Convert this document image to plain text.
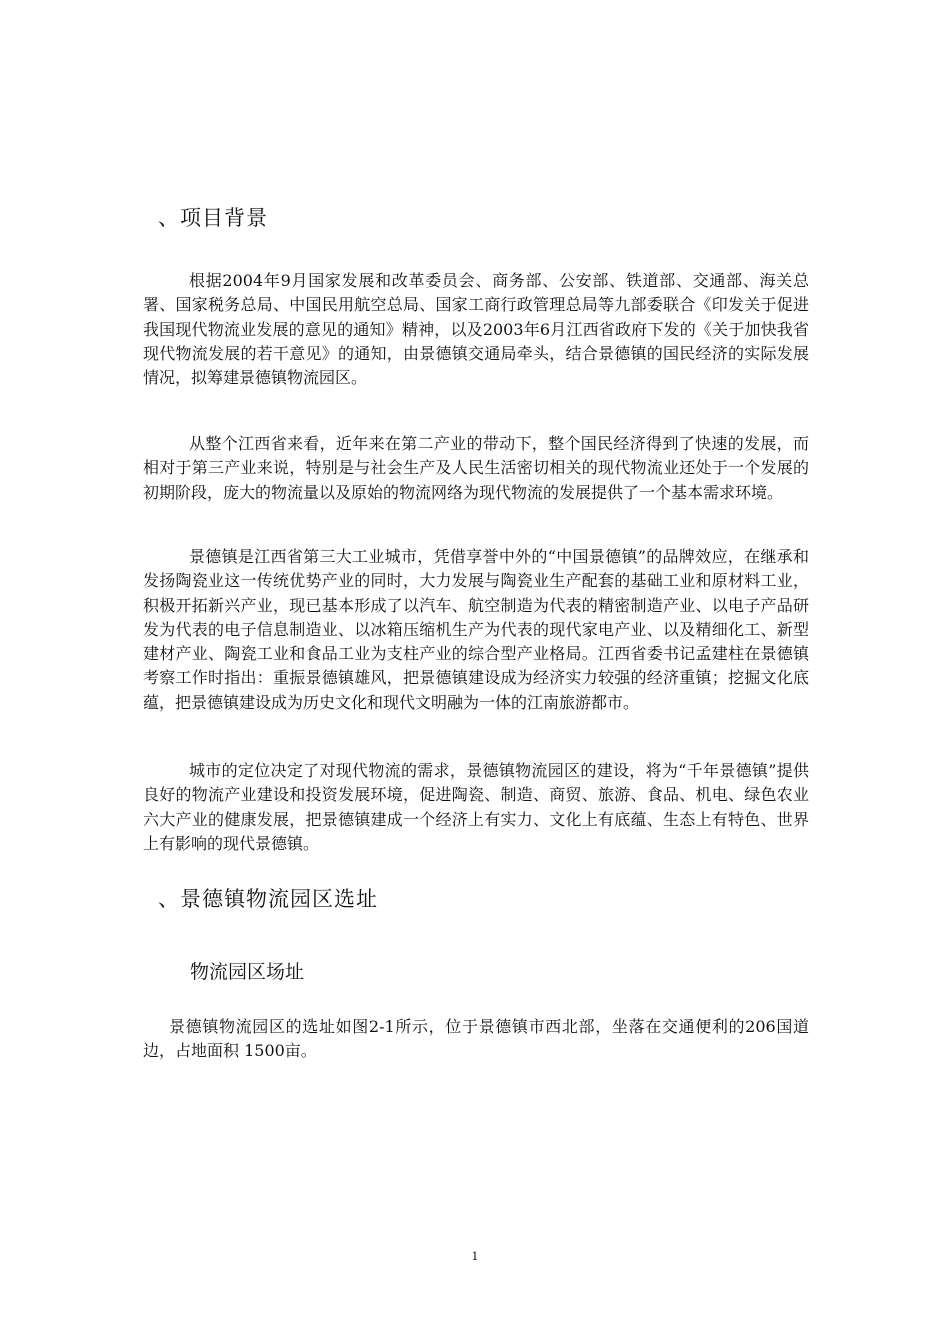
、项目背景

根据2004年9月国家发展和改革委员会、商务部、公安部、铁道部、交通部、海关总署、国家税务总局、中国民用航空总局、国家工商行政管理总局等九部委联合《印发关于促进我国现代物流业发展的意见的通知》精神，以及2003年6月江西省政府下发的《关于加快我省现代物流发展的若干意见》的通知，由景德镇交通局牵头，结合景德镇的国民经济的实际发展情况，拟筹建景德镇物流园区。

从整个江西省来看，近年来在第二产业的带动下，整个国民经济得到了快速的发展，而相对于第三产业来说，特别是与社会生产及人民生活密切相关的现代物流业还处于一个发展的初期阶段，庞大的物流量以及原始的物流网络为现代物流的发展提供了一个基本需求环境。

景德镇是江西省第三大工业城市，凭借享誉中外的“中国景德镇”的品牌效应，在继承和发扬陶瓷业这一传统优势产业的同时，大力发展与陶瓷业生产配套的基础工业和原材料工业，积极开拓新兴产业，现已基本形成了以汽车、航空制造为代表的精密制造产业、以电子产品研发为代表的电子信息制造业、以冰箱压缩机生产为代表的现代家电产业、以及精细化工、新型建材产业、陶瓷工业和食品工业为支柱产业的综合型产业格局。江西省委书记孟建柱在景德镇考察工作时指出：重振景德镇雄风，把景德镇建设成为经济实力较强的经济重镇；挖掘文化底蕴，把景德镇建设成为历史文化和现代文明融为一体的江南旅游都市。

城市的定位决定了对现代物流的需求，景德镇物流园区的建设，将为“千年景德镇”提供良好的物流产业建设和投资发展环境，促进陶瓷、制造、商贸、旅游、食品、机电、绿色农业六大产业的健康发展，把景德镇建成一个经济上有实力、文化上有底蕴、生态上有特色、世界上有影响的现代景德镇。

、景德镇物流园区选址
物流园区场址

景德镇物流园区的选址如图2-1所示，位于景德镇市西北部，坐落在交通便利的206国道边，占地面积 1500亩。

1
